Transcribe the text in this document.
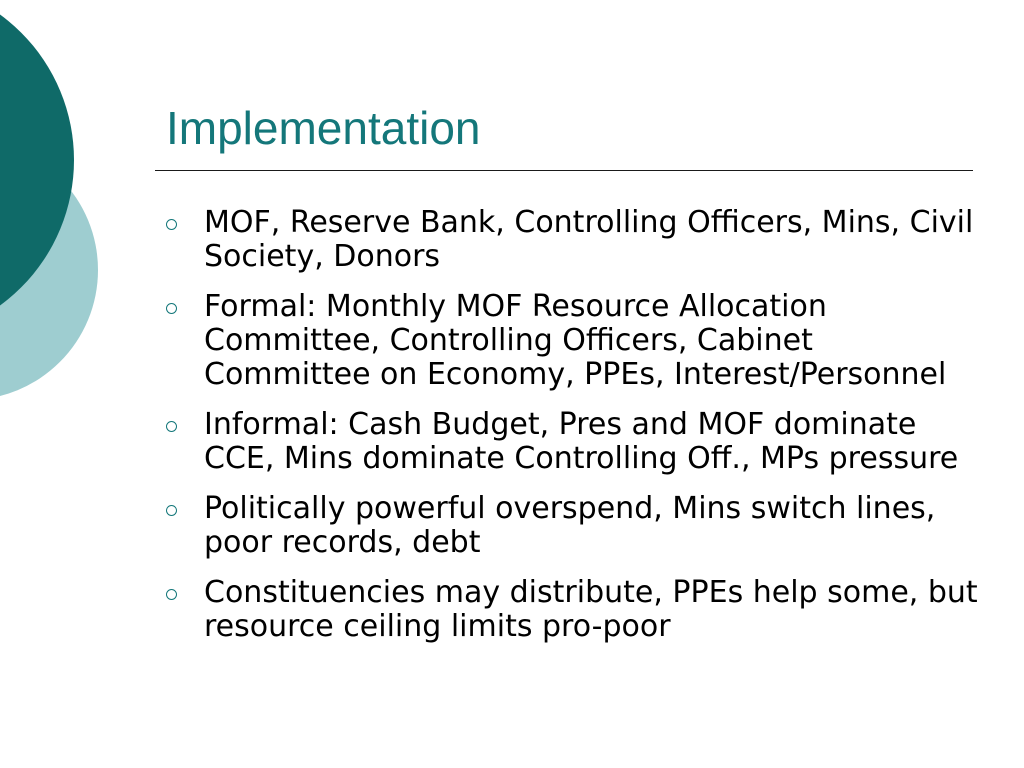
Implementation
MOF, Reserve Bank, Controlling Officers, Mins, Civil Society, Donors
Formal: Monthly MOF Resource Allocation Committee, Controlling Officers, Cabinet Committee on Economy, PPEs, Interest/Personnel
Informal: Cash Budget, Pres and MOF dominate CCE, Mins dominate Controlling Off., MPs pressure
Politically powerful overspend, Mins switch lines, poor records, debt
Constituencies may distribute, PPEs help some, but resource ceiling limits pro-poor
